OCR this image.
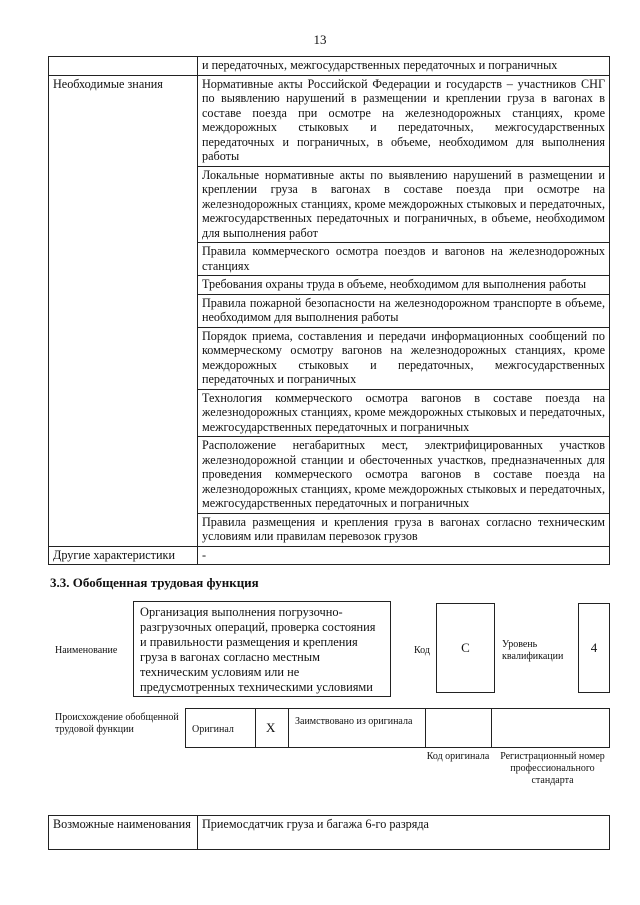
13
	и передаточных, межгосударственных передаточных и пограничных
Необходимые знания	Нормативные акты Российской Федерации и государств – участников СНГ по выявлению нарушений в размещении и креплении груза в вагонах в составе поезда при осмотре на железнодорожных станциях, кроме междорожных стыковых и передаточных, межгосударственных передаточных и пограничных, в объеме, необходимом для выполнения работы
	Локальные нормативные акты по выявлению нарушений в размещении и креплении груза в вагонах в составе поезда при осмотре на железнодорожных станциях, кроме междорожных стыковых и передаточных, межгосударственных передаточных и пограничных, в объеме, необходимом для выполнения работ
	Правила коммерческого осмотра поездов и вагонов на железнодорожных станциях
	Требования охраны труда в объеме, необходимом для выполнения работы
	Правила пожарной безопасности на железнодорожном транспорте в объеме, необходимом для выполнения работы
	Порядок приема, составления и передачи информационных сообщений по коммерческому осмотру вагонов на железнодорожных станциях, кроме междорожных стыковых и передаточных, межгосударственных передаточных и пограничных
	Технология коммерческого осмотра вагонов в составе поезда на железнодорожных станциях, кроме междорожных стыковых и передаточных, межгосударственных передаточных и пограничных
	Расположение негабаритных мест, электрифицированных участков железнодорожной станции и обесточенных участков, предназначенных для проведения коммерческого осмотра вагонов в составе поезда на железнодорожных станциях, кроме междорожных стыковых и передаточных, межгосударственных передаточных и пограничных
	Правила размещения и крепления груза в вагонах согласно техническим условиям или правилам перевозок грузов
Другие характеристики	-
3.3. Обобщенная трудовая функция
Наименование
Организация выполнения погрузочно-разгрузочных операций, проверка состояния и правильности размещения и крепления груза в вагонах согласно местным техническим условиям или не предусмотренных техническими условиями
Код	C	Уровень квалификации
4
Происхождение обобщенной трудовой функции	Оригинал X Заимствовано из оригинала
Код оригинала	Регистрационный номер профессионального стандарта
Возможные наименования	Приемосдатчик груза и багажа 6-го разряда
